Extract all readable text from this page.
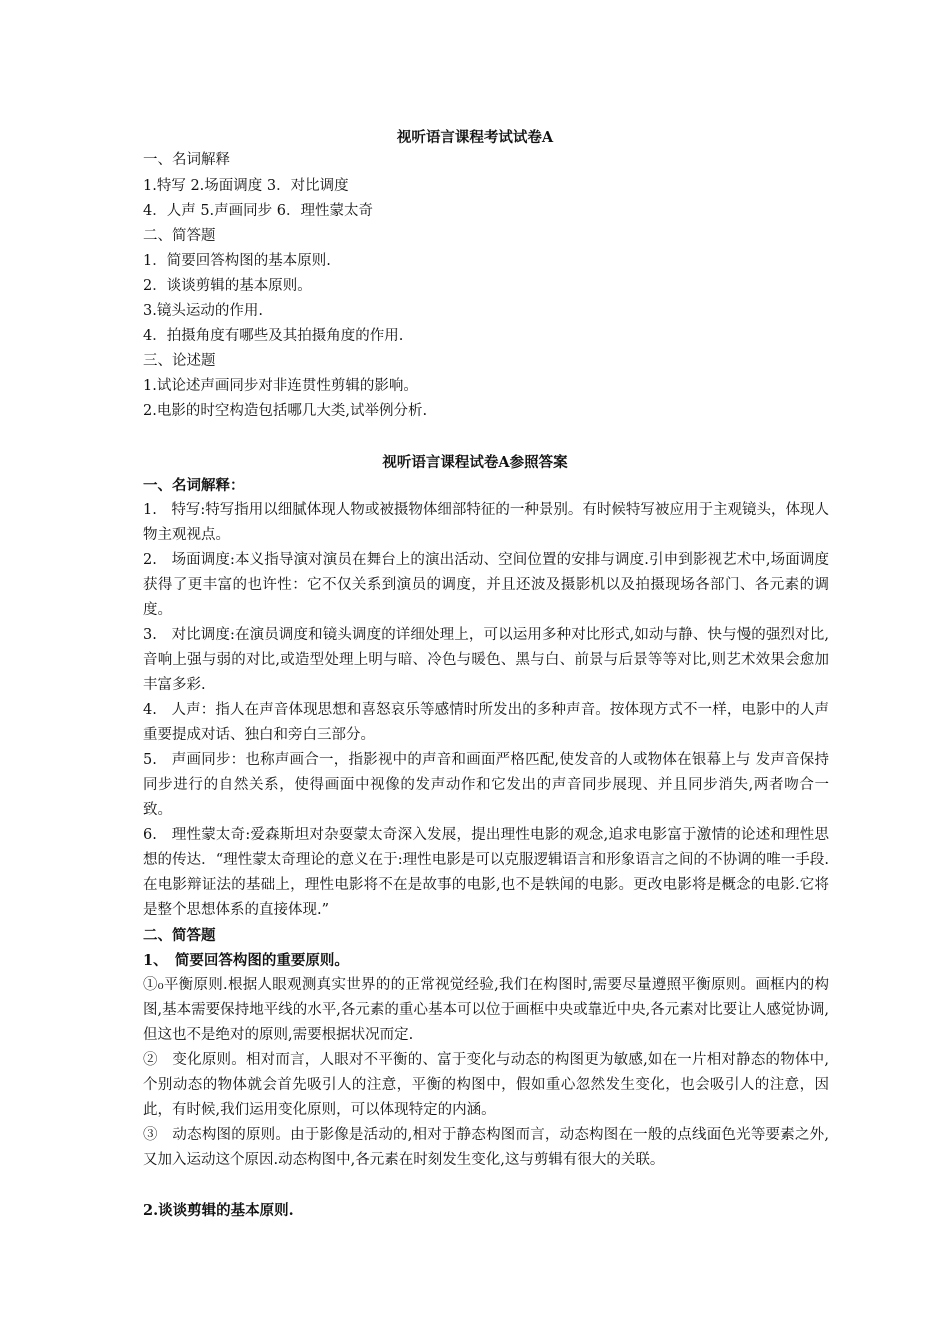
视听语言课程考试试卷A
一、名词解释
1.特写 2.场面调度 3．对比调度
4．人声 5.声画同步 6．理性蒙太奇
二、简答题
1．简要回答构图的基本原则.
2．谈谈剪辑的基本原则。
3.镜头运动的作用.
4．拍摄角度有哪些及其拍摄角度的作用.
三、论述题
1.试论述声画同步对非连贯性剪辑的影响。
2.电影的时空构造包括哪几大类,试举例分析.
视听语言课程试卷A参照答案
一、名词解释：
1.　特写:特写指用以细腻体现人物或被摄物体细部特征的一种景别。有时候特写被应用于主观镜头，体现人物主观视点。
2.　场面调度:本义指导演对演员在舞台上的演出活动、空间位置的安排与调度.引申到影视艺术中,场面调度获得了更丰富的也许性：它不仅关系到演员的调度，并且还波及摄影机以及拍摄现场各部门、各元素的调度。
3.　对比调度:在演员调度和镜头调度的详细处理上，可以运用多种对比形式,如动与静、快与慢的强烈对比,音响上强与弱的对比,或造型处理上明与暗、冷色与暖色、黑与白、前景与后景等等对比,则艺术效果会愈加丰富多彩.
4.　人声：指人在声音体现思想和喜怒哀乐等感情时所发出的多种声音。按体现方式不一样，电影中的人声重要提成对话、独白和旁白三部分。
5.　声画同步：也称声画合一，指影视中的声音和画面严格匹配,使发音的人或物体在银幕上与 发声音保持同步进行的自然关系，使得画面中视像的发声动作和它发出的声音同步展现、并且同步消失,两者吻合一致。
6.　理性蒙太奇:爱森斯坦对杂耍蒙太奇深入发展，提出理性电影的观念,追求电影富于激情的论述和理性思想的传达．“理性蒙太奇理论的意义在于:理性电影是可以克服逻辑语言和形象语言之间的不协调的唯一手段.在电影辩证法的基础上，理性电影将不在是故事的电影,也不是轶闻的电影。更改电影将是概念的电影.它将是整个思想体系的直接体现.”
二、简答题
1、　简要回答构图的重要原则。
①₀平衡原则.根据人眼观测真实世界的的正常视觉经验,我们在构图时,需要尽量遵照平衡原则。画框内的构图,基本需要保持地平线的水平,各元素的重心基本可以位于画框中央或靠近中央,各元素对比要让人感觉协调,但这也不是绝对的原则,需要根据状况而定.
②　变化原则。相对而言，人眼对不平衡的、富于变化与动态的构图更为敏感,如在一片相对静态的物体中,个别动态的物体就会首先吸引人的注意，平衡的构图中，假如重心忽然发生变化，也会吸引人的注意，因此，有时候,我们运用变化原则，可以体现特定的内涵。
③　动态构图的原则。由于影像是活动的,相对于静态构图而言，动态构图在一般的点线面色光等要素之外,又加入运动这个原因.动态构图中,各元素在时刻发生变化,这与剪辑有很大的关联。
2.谈谈剪辑的基本原则.
